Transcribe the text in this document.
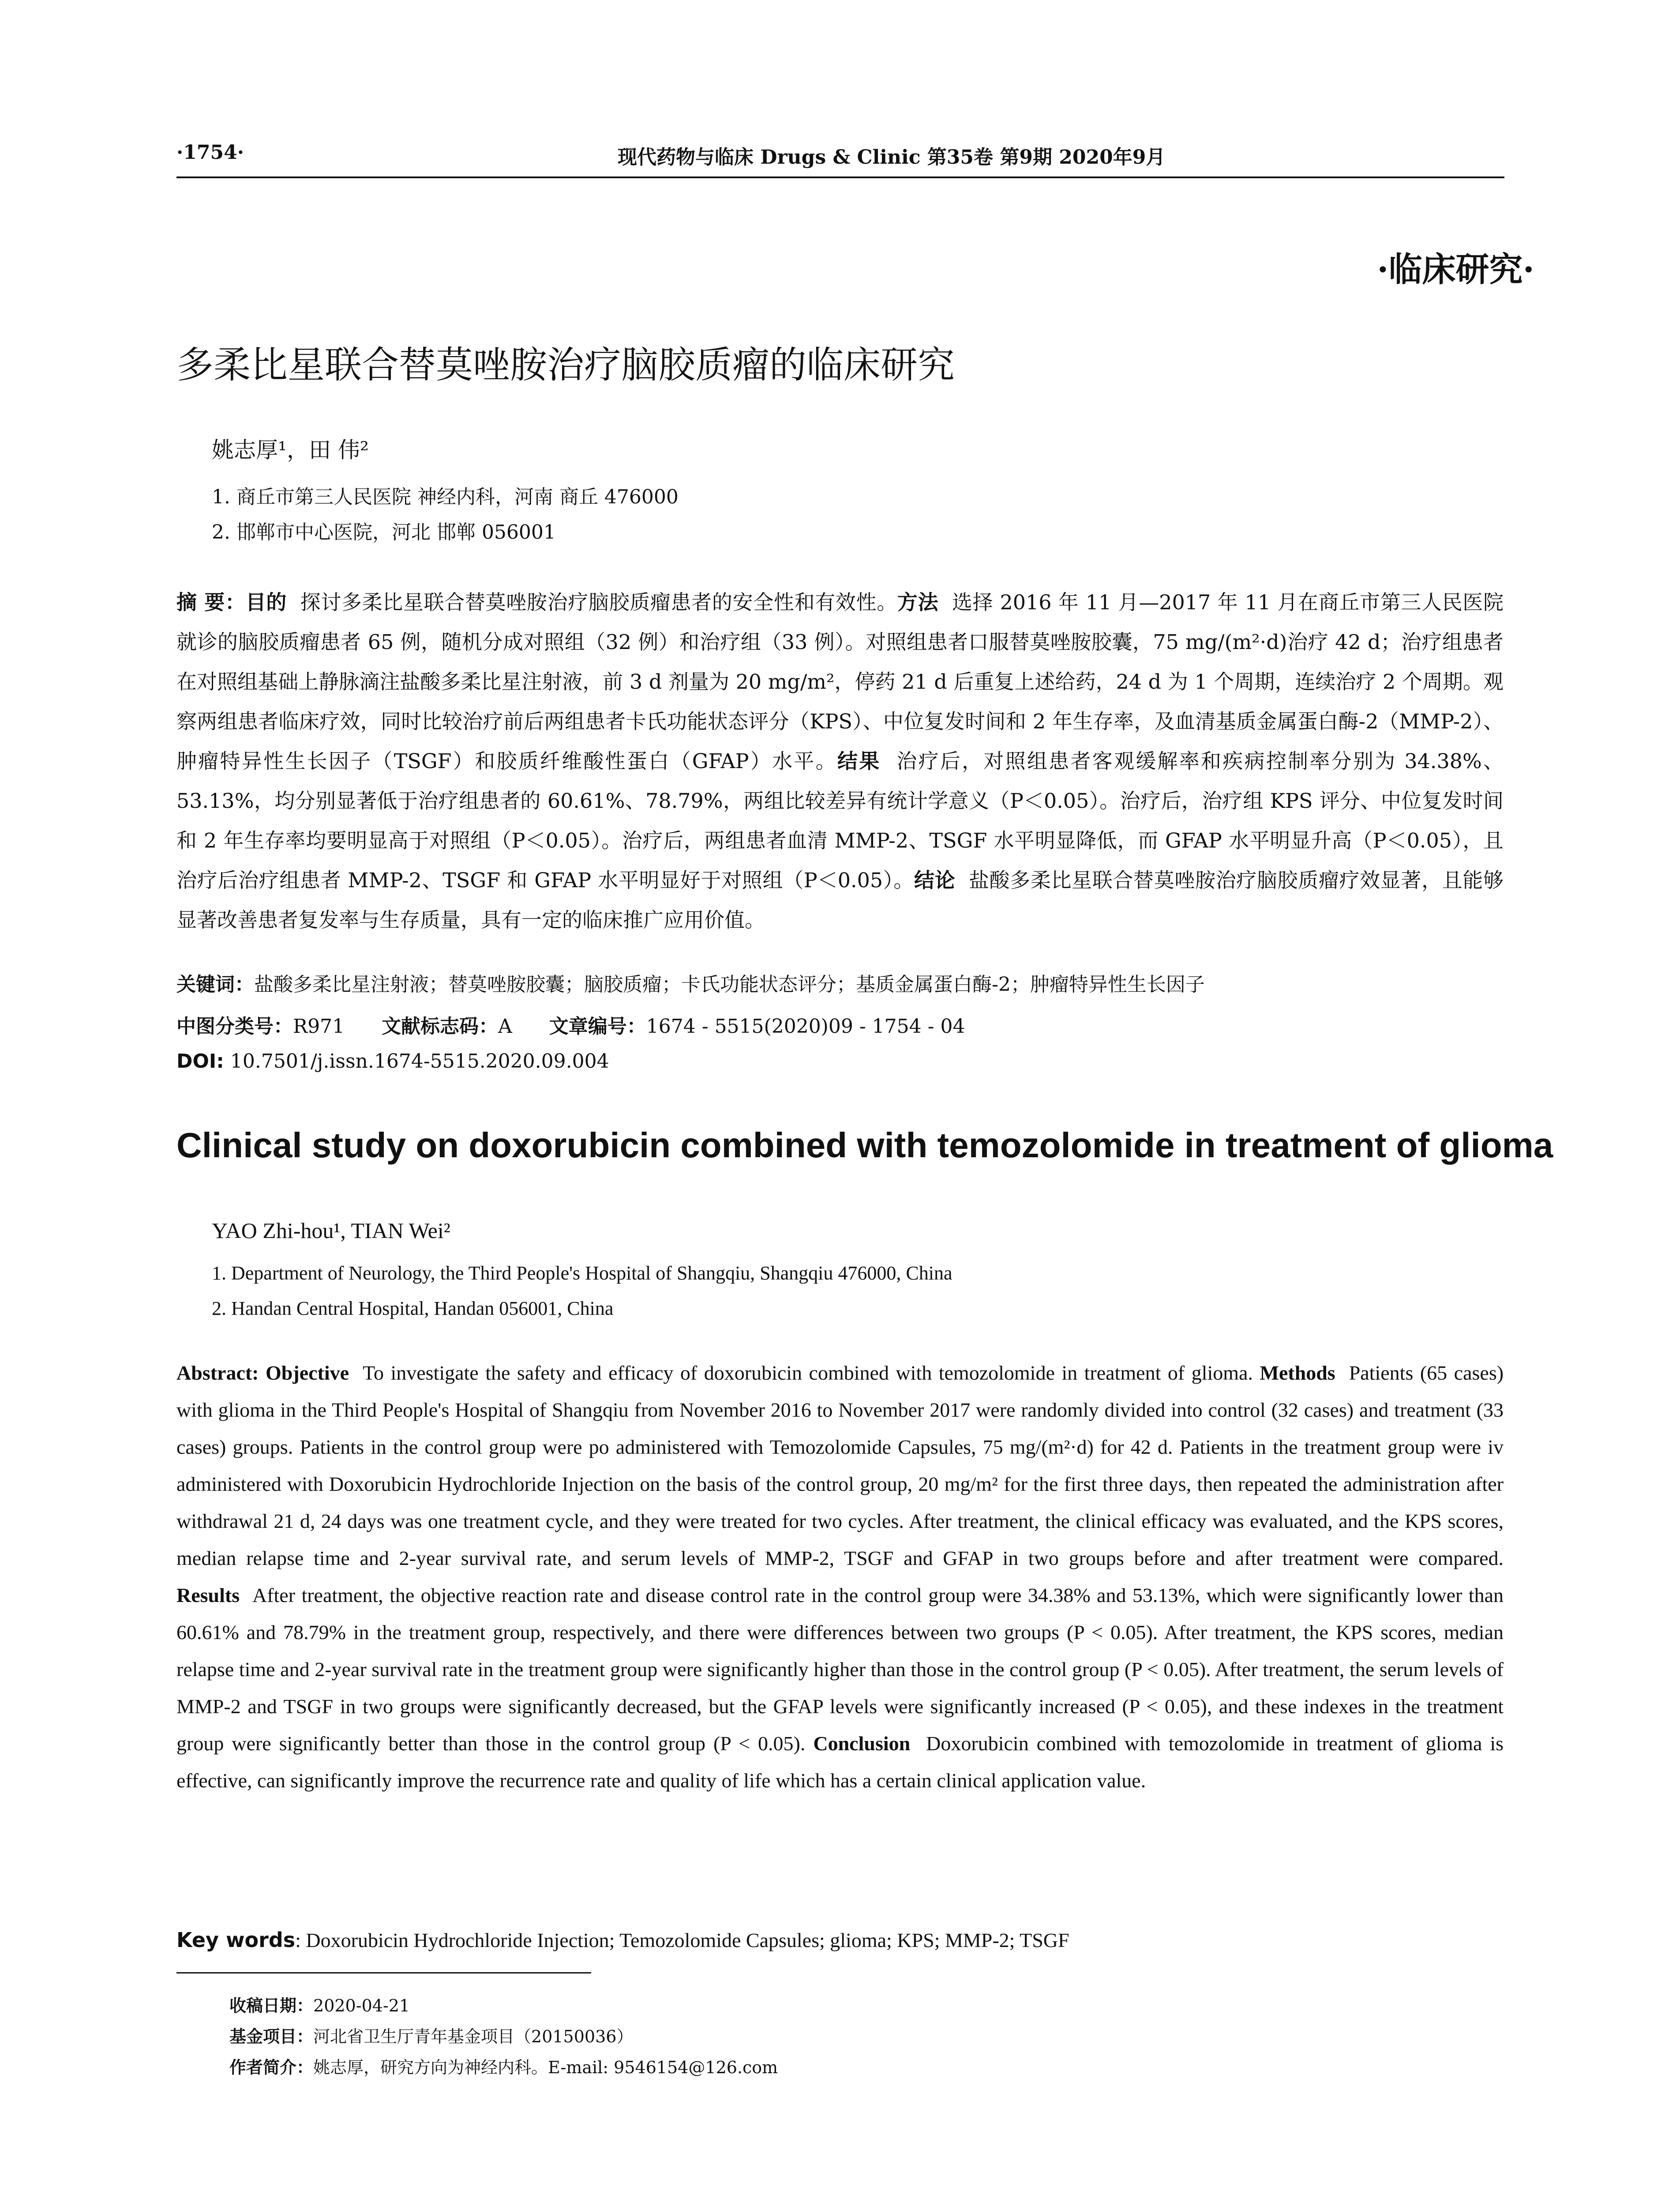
·1754·	现代药物与临床 Drugs & Clinic 第35卷 第9期 2020年9月
·临床研究·
多柔比星联合替莫唑胺治疗脑胶质瘤的临床研究
姚志厚¹，田 伟²
1. 商丘市第三人民医院 神经内科，河南 商丘 476000
2. 邯郸市中心医院，河北 邯郸 056001
摘 要：目的 探讨多柔比星联合替莫唑胺治疗脑胶质瘤患者的安全性和有效性。方法 选择 2016 年 11 月—2017 年 11 月在商丘市第三人民医院就诊的脑胶质瘤患者 65 例，随机分成对照组（32 例）和治疗组（33 例）。对照组患者口服替莫唑胺胶囊，75 mg/(m²·d)治疗 42 d；治疗组患者在对照组基础上静脉滴注盐酸多柔比星注射液，前 3 d 剂量为 20 mg/m²，停药 21 d 后重复上述给药，24 d 为 1 个周期，连续治疗 2 个周期。观察两组患者临床疗效，同时比较治疗前后两组患者卡氏功能状态评分（KPS）、中位复发时间和 2 年生存率，及血清基质金属蛋白酶-2（MMP-2）、肿瘤特异性生长因子（TSGF）和胶质纤维酸性蛋白（GFAP）水平。结果 治疗后，对照组患者客观缓解率和疾病控制率分别为 34.38%、53.13%，均分别显著低于治疗组患者的 60.61%、78.79%，两组比较差异有统计学意义（P＜0.05）。治疗后，治疗组 KPS 评分、中位复发时间和 2 年生存率均要明显高于对照组（P＜0.05）。治疗后，两组患者血清 MMP-2、TSGF 水平明显降低，而 GFAP 水平明显升高（P＜0.05），且治疗后治疗组患者 MMP-2、TSGF 和 GFAP 水平明显好于对照组（P＜0.05）。结论 盐酸多柔比星联合替莫唑胺治疗脑胶质瘤疗效显著，且能够显著改善患者复发率与生存质量，具有一定的临床推广应用价值。
关键词：盐酸多柔比星注射液；替莫唑胺胶囊；脑胶质瘤；卡氏功能状态评分；基质金属蛋白酶-2；肿瘤特异性生长因子
中图分类号：R971 文献标志码：A 文章编号：1674 - 5515(2020)09 - 1754 - 04
DOI: 10.7501/j.issn.1674-5515.2020.09.004
Clinical study on doxorubicin combined with temozolomide in treatment of glioma
YAO Zhi-hou¹, TIAN Wei²
1. Department of Neurology, the Third People's Hospital of Shangqiu, Shangqiu 476000, China
2. Handan Central Hospital, Handan 056001, China
Abstract: Objective To investigate the safety and efficacy of doxorubicin combined with temozolomide in treatment of glioma. Methods Patients (65 cases) with glioma in the Third People's Hospital of Shangqiu from November 2016 to November 2017 were randomly divided into control (32 cases) and treatment (33 cases) groups. Patients in the control group were po administered with Temozolomide Capsules, 75 mg/(m²·d) for 42 d. Patients in the treatment group were iv administered with Doxorubicin Hydrochloride Injection on the basis of the control group, 20 mg/m² for the first three days, then repeated the administration after withdrawal 21 d, 24 days was one treatment cycle, and they were treated for two cycles. After treatment, the clinical efficacy was evaluated, and the KPS scores, median relapse time and 2-year survival rate, and serum levels of MMP-2, TSGF and GFAP in two groups before and after treatment were compared. Results After treatment, the objective reaction rate and disease control rate in the control group were 34.38% and 53.13%, which were significantly lower than 60.61% and 78.79% in the treatment group, respectively, and there were differences between two groups (P < 0.05). After treatment, the KPS scores, median relapse time and 2-year survival rate in the treatment group were significantly higher than those in the control group (P < 0.05). After treatment, the serum levels of MMP-2 and TSGF in two groups were significantly decreased, but the GFAP levels were significantly increased (P < 0.05), and these indexes in the treatment group were significantly better than those in the control group (P < 0.05). Conclusion Doxorubicin combined with temozolomide in treatment of glioma is effective, can significantly improve the recurrence rate and quality of life which has a certain clinical application value.
Key words: Doxorubicin Hydrochloride Injection; Temozolomide Capsules; glioma; KPS; MMP-2; TSGF
收稿日期：2020-04-21
基金项目：河北省卫生厅青年基金项目（20150036）
作者简介：姚志厚，研究方向为神经内科。E-mail: 9546154@126.com
